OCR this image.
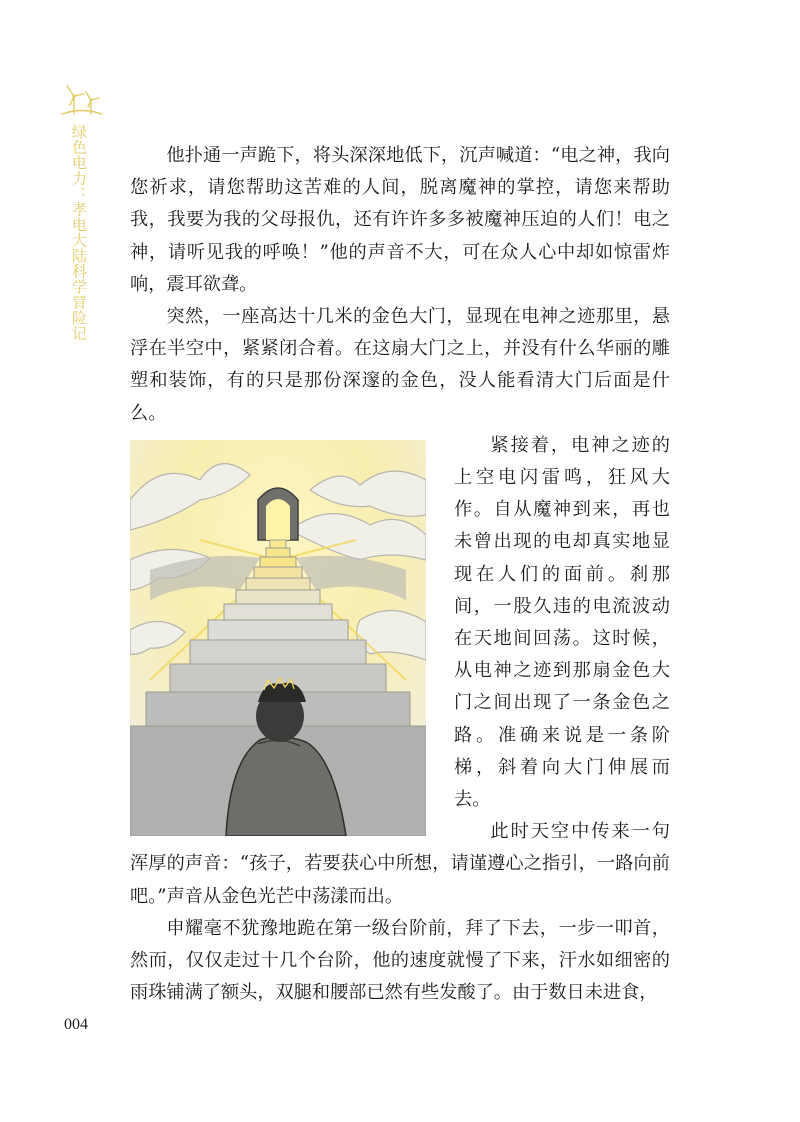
绿色电力：孝电大陆科学冒险记	他扑通一声跪下，将头深深地低下，沉声喊道：“电之神，我向您祈求，请您帮助这苦难的人间，脱离魔神的掌控，请您来帮助我，我要为我的父母报仇，还有许许多多被魔神压迫的人们！电之神，请听见我的呼唤！”他的声音不大，可在众人心中却如惊雷炸响，震耳欲聋。

突然，一座高达十几米的金色大门，显现在电神之迹那里，悬浮在半空中，紧紧闭合着。在这扇大门之上，并没有什么华丽的雕塑和装饰，有的只是那份深邃的金色，没人能看清大门后面是什么。

紧接着，电神之迹的上空电闪雷鸣，狂风大作。自从魔神到来，再也未曾出现的电却真实地显现在人们的面前。刹那间，一股久违的电流波动在天地间回荡。这时候，从电神之迹到那扇金色大门之间出现了一条金色之路。准确来说是一条阶梯，斜着向大门伸展而去。

此时天空中传来一句浑厚的声音：“孩子，若要获心中所想，请谨遵心之指引，一路向前吧。”声音从金色光芒中荡漾而出。

申耀毫不犹豫地跪在第一级台阶前，拜了下去，一步一叩首，然而，仅仅走过十几个台阶，他的速度就慢了下来，汗水如细密的雨珠铺满了额头，双腿和腰部已然有些发酸了。由于数日未进食，

004
